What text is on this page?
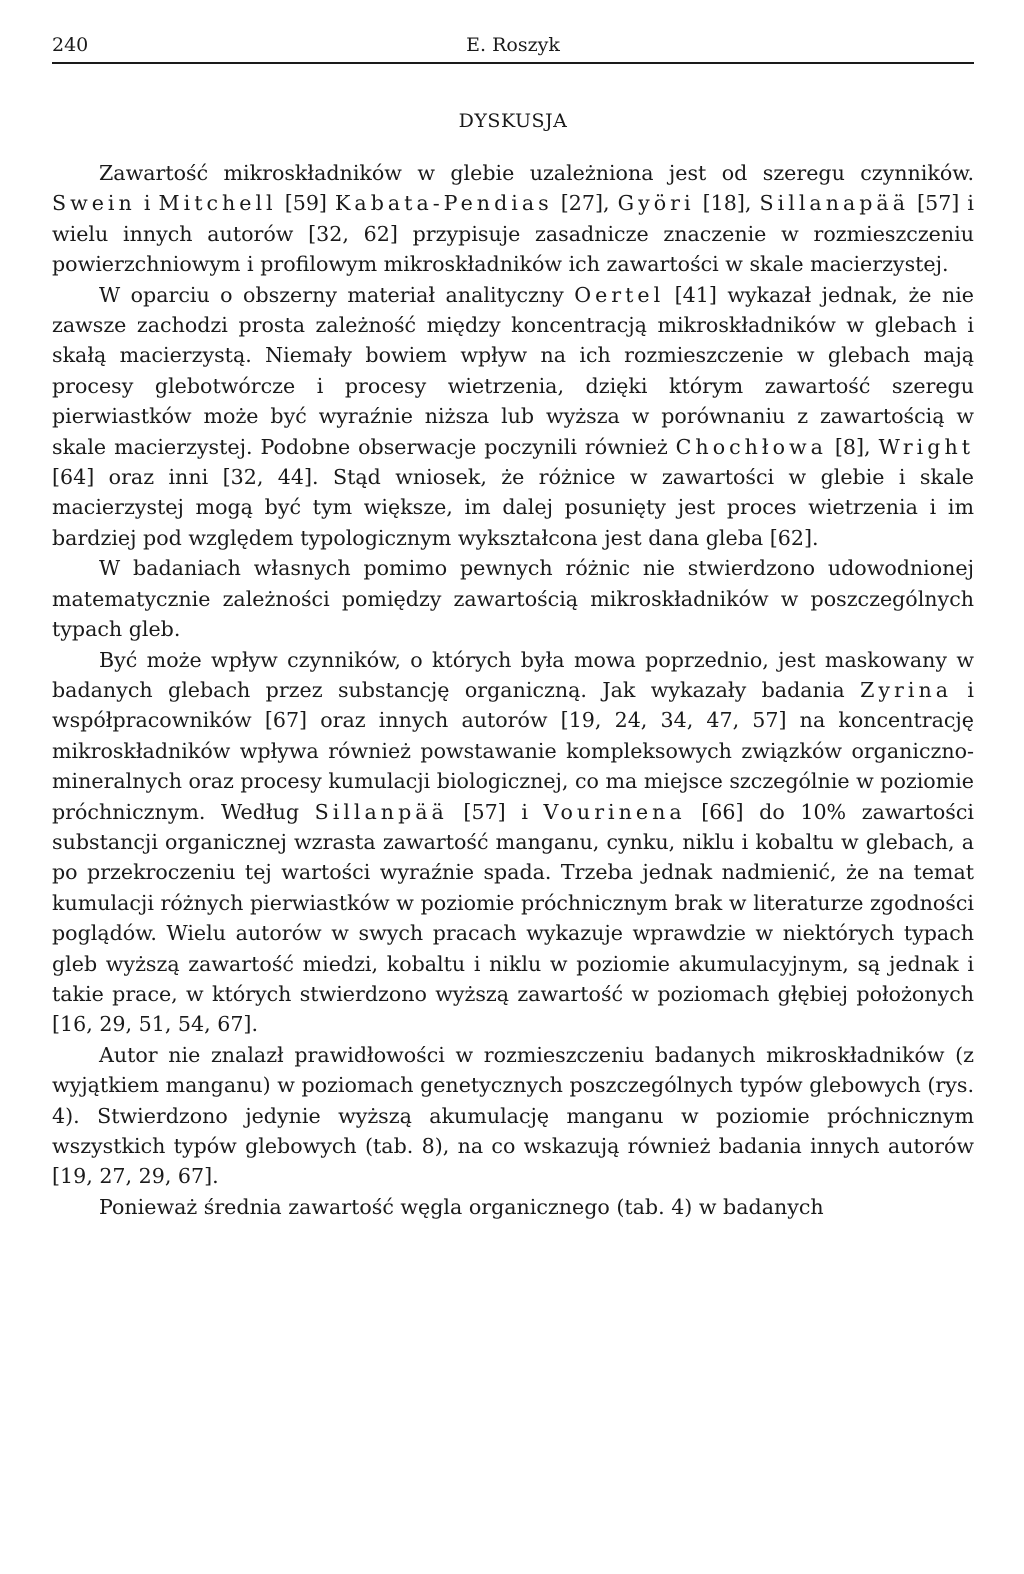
240	E. Roszyk
DYSKUSJA

Zawartość mikroskładników w glebie uzależniona jest od szeregu czynników. Swein i Mitchell [59] Kabata-Pendias [27], Györi [18], Sillanapää [57] i wielu innych autorów [32, 62] przypisuje zasadnicze znaczenie w rozmieszczeniu powierzchniowym i profilowym mikroskładników ich zawartości w skale macierzystej.

W oparciu o obszerny materiał analityczny Oertel [41] wykazał jednak, że nie zawsze zachodzi prosta zależność między koncentracją mikroskładników w glebach i skałą macierzystą. Niemały bowiem wpływ na ich rozmieszczenie w glebach mają procesy glebotwórcze i procesy wietrzenia, dzięki którym zawartość szeregu pierwiastków może być wyraźnie niższa lub wyższa w porównaniu z zawartością w skale macierzystej. Podobne obserwacje poczynili również Chochłowa [8], Wright [64] oraz inni [32, 44]. Stąd wniosek, że różnice w zawartości w glebie i skale macierzystej mogą być tym większe, im dalej posunięty jest proces wietrzenia i im bardziej pod względem typologicznym wykształcona jest dana gleba [62].

W badaniach własnych pomimo pewnych różnic nie stwierdzono udowodnionej matematycznie zależności pomiędzy zawartością mikroskładników w poszczególnych typach gleb.

Być może wpływ czynników, o których była mowa poprzednio, jest maskowany w badanych glebach przez substancję organiczną. Jak wykazały badania Zyrina i współpracowników [67] oraz innych autorów [19, 24, 34, 47, 57] na koncentrację mikroskładników wpływa również powstawanie kompleksowych związków organiczno-mineralnych oraz procesy kumulacji biologicznej, co ma miejsce szczególnie w poziomie próchnicznym. Według Sillanpää [57] i Vourinena [66] do 10% zawartości substancji organicznej wzrasta zawartość manganu, cynku, niklu i kobaltu w glebach, a po przekroczeniu tej wartości wyraźnie spada. Trzeba jednak nadmienić, że na temat kumulacji różnych pierwiastków w poziomie próchnicznym brak w literaturze zgodności poglądów. Wielu autorów w swych pracach wykazuje wprawdzie w niektórych typach gleb wyższą zawartość miedzi, kobaltu i niklu w poziomie akumulacyjnym, są jednak i takie prace, w których stwierdzono wyższą zawartość w poziomach głębiej położonych [16, 29, 51, 54, 67].

Autor nie znalazł prawidłowości w rozmieszczeniu badanych mikroskładników (z wyjątkiem manganu) w poziomach genetycznych poszczególnych typów glebowych (rys. 4). Stwierdzono jedynie wyższą akumulację manganu w poziomie próchnicznym wszystkich typów glebowych (tab. 8), na co wskazują również badania innych autorów [19, 27, 29, 67].

Ponieważ średnia zawartość węgla organicznego (tab. 4) w badanych
